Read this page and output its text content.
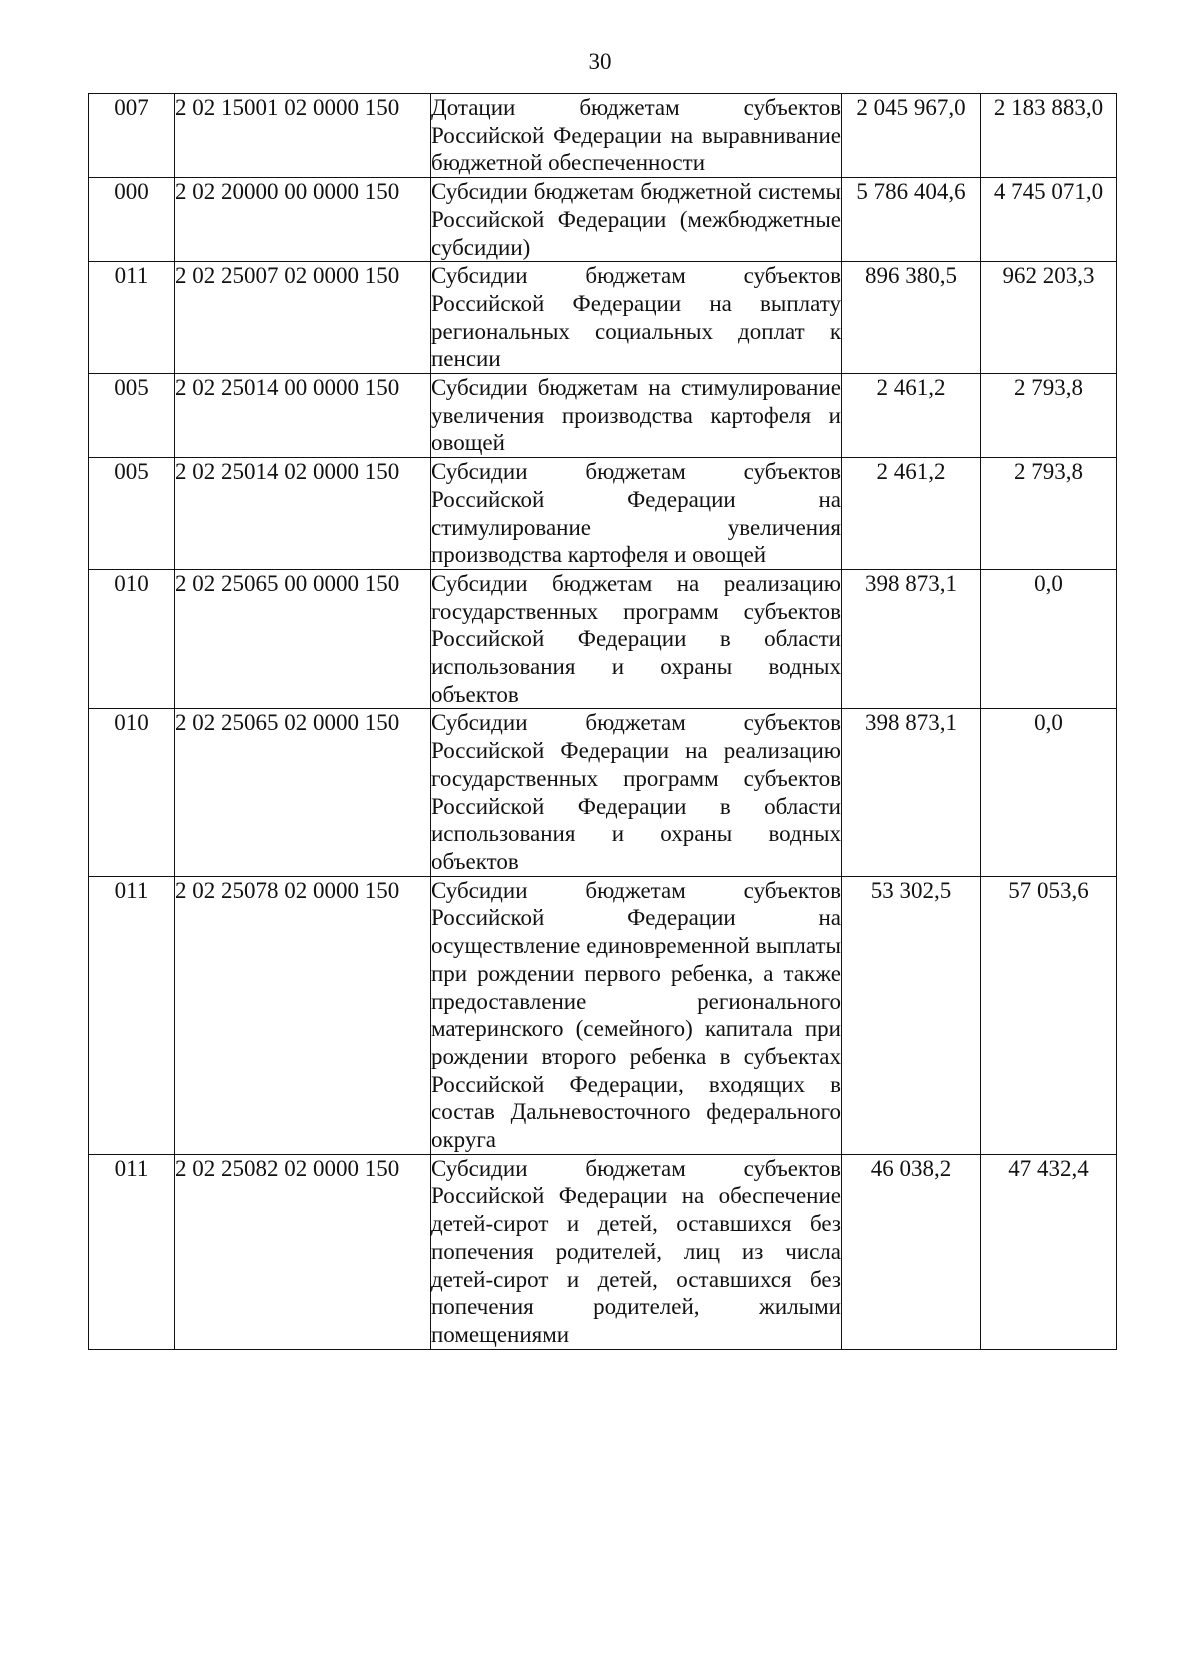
30
007	2 02 15001 02 0000 150	Дотации бюджетам субъектов Российской Федерации на выравнивание бюджетной обеспеченности	2 045 967,0	2 183 883,0
000	2 02 20000 00 0000 150	Субсидии бюджетам бюджетной системы Российской Федерации (межбюджетные субсидии)	5 786 404,6	4 745 071,0
011	2 02 25007 02 0000 150	Субсидии бюджетам субъектов Российской Федерации на выплату региональных социальных доплат к пенсии	896 380,5	962 203,3
005	2 02 25014 00 0000 150	Субсидии бюджетам на стимулирование увеличения производства картофеля и овощей	2 461,2	2 793,8
005	2 02 25014 02 0000 150	Субсидии бюджетам субъектов Российской Федерации на стимулирование увеличения производства картофеля и овощей	2 461,2	2 793,8
010	2 02 25065 00 0000 150	Субсидии бюджетам на реализацию государственных программ субъектов Российской Федерации в области использования и охраны водных объектов	398 873,1	0,0
010	2 02 25065 02 0000 150	Субсидии бюджетам субъектов Российской Федерации на реализацию государственных программ субъектов Российской Федерации в области использования и охраны водных объектов	398 873,1	0,0
011	2 02 25078 02 0000 150	Субсидии бюджетам субъектов Российской Федерации на осуществление единовременной выплаты при рождении первого ребенка, а также предоставление регионального материнского (семейного) капитала при рождении второго ребенка в субъектах Российской Федерации, входящих в состав Дальневосточного федерального округа	53 302,5	57 053,6
011	2 02 25082 02 0000 150	Субсидии бюджетам субъектов Российской Федерации на обеспечение детей-сирот и детей, оставшихся без попечения родителей, лиц из числа детей-сирот и детей, оставшихся без попечения родителей, жилыми помещениями	46 038,2	47 432,4
